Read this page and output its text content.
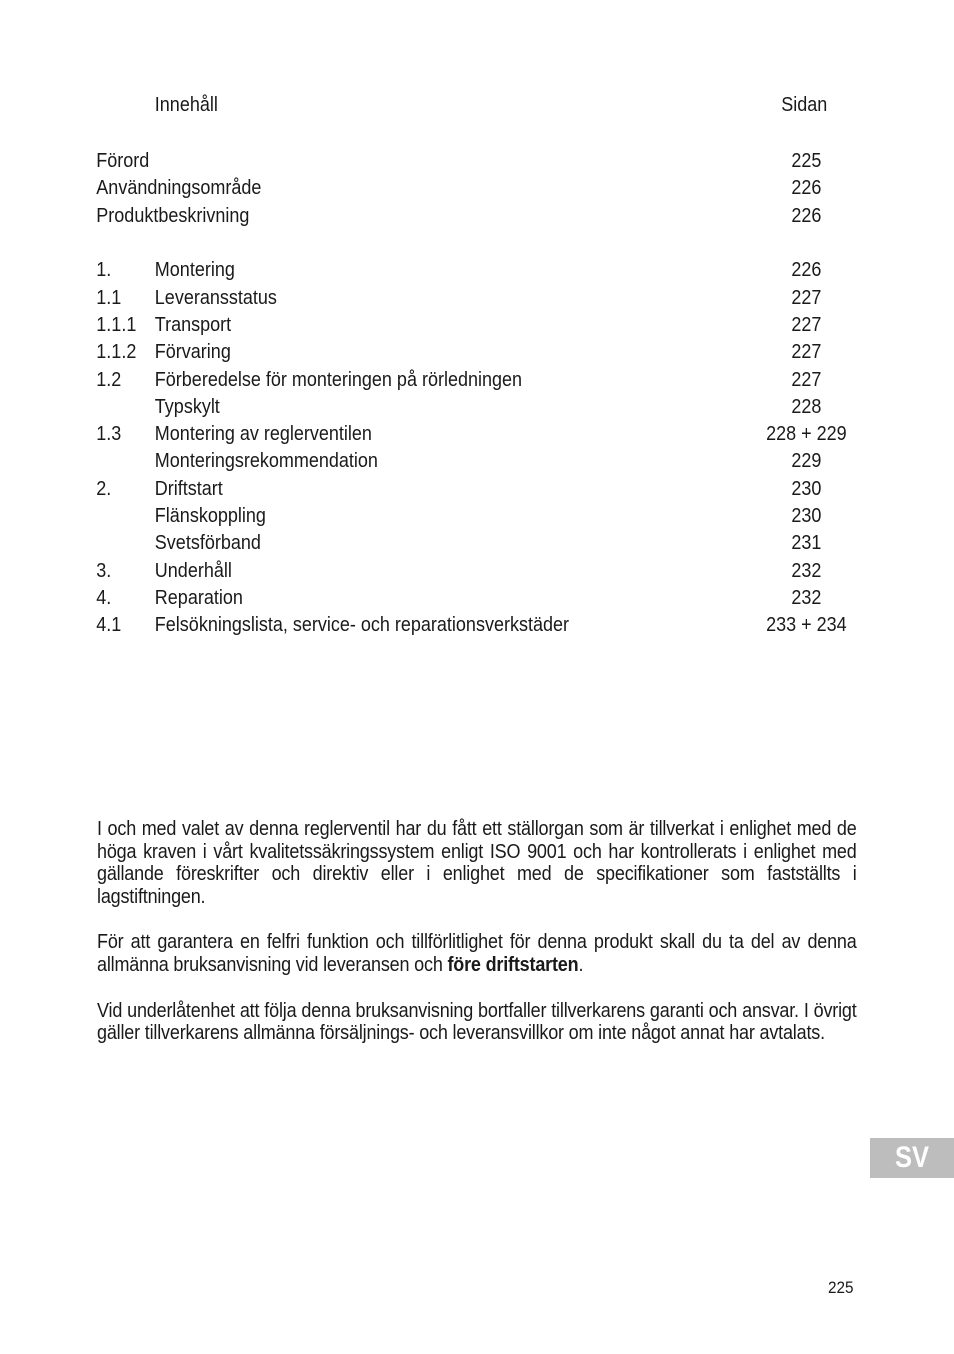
Innehåll	Sidan
Förord	225
Användningsområde	226
Produktbeskrivning	226
1. Montering	226
1.1 Leveransstatus	227
1.1.1 Transport	227
1.1.2 Förvaring	227
1.2 Förberedelse för monteringen på rörledningen	227
Typskylt	228
1.3 Montering av reglerventilen	228 + 229
Monteringsrekommendation	229
2. Driftstart	230
Flänskoppling	230
Svetsförband	231
3. Underhåll	232
4. Reparation	232
4.1 Felsökningslista, service- och reparationsverkstäder	233 + 234

I och med valet av denna reglerventil har du fått ett ställorgan som är tillverkat i enlighet med de höga kraven i vårt kvalitetssäkringssystem enligt ISO 9001 och har kontrollerats i enlighet med gällande föreskrifter och direktiv eller i enlighet med de specifikationer som fastställts i lagstiftningen.

För att garantera en felfri funktion och tillförlitlighet för denna produkt skall du ta del av denna allmänna bruksanvisning vid leveransen och före driftstarten.

Vid underlåtenhet att följa denna bruksanvisning bortfaller tillverkarens garanti och ansvar. I övrigt gäller tillverkarens allmänna försäljnings- och leveransvillkor om inte något annat har avtalats.

SV
225
